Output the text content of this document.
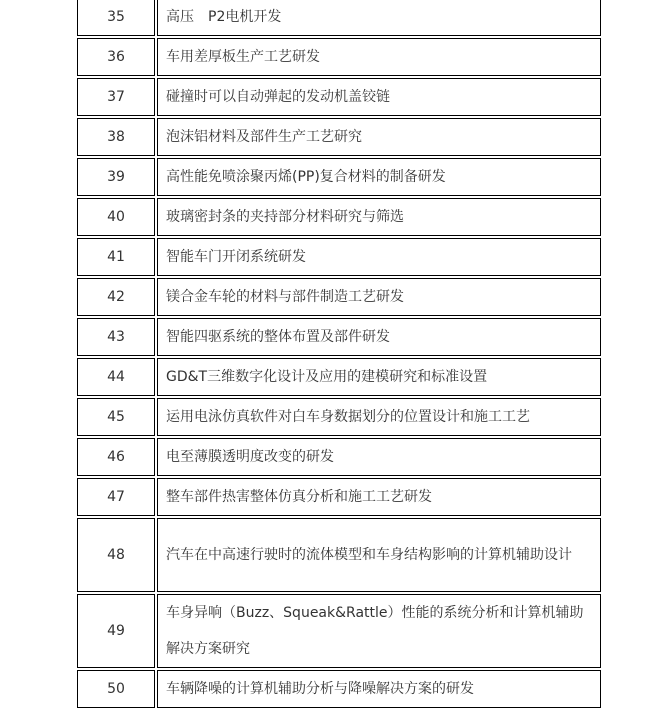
35	高压　P2电机开发
36	车用差厚板生产工艺研发
37	碰撞时可以自动弹起的发动机盖铰链
38	泡沫铝材料及部件生产工艺研究
39	高性能免喷涂聚丙烯(PP)复合材料的制备研发
40	玻璃密封条的夹持部分材料研究与筛选
41	智能车门开闭系统研发
42	镁合金车轮的材料与部件制造工艺研发
43	智能四驱系统的整体布置及部件研发
44	GD&T三维数字化设计及应用的建模研究和标准设置
45	运用电泳仿真软件对白车身数据划分的位置设计和施工工艺
46	电至薄膜透明度改变的研发
47	整车部件热害整体仿真分析和施工工艺研发
48	汽车在中高速行驶时的流体模型和车身结构影响的计算机辅助设计
49	车身异响（Buzz、Squeak&Rattle）性能的系统分析和计算机辅助解决方案研究
50	车辆降噪的计算机辅助分析与降噪解决方案的研发
